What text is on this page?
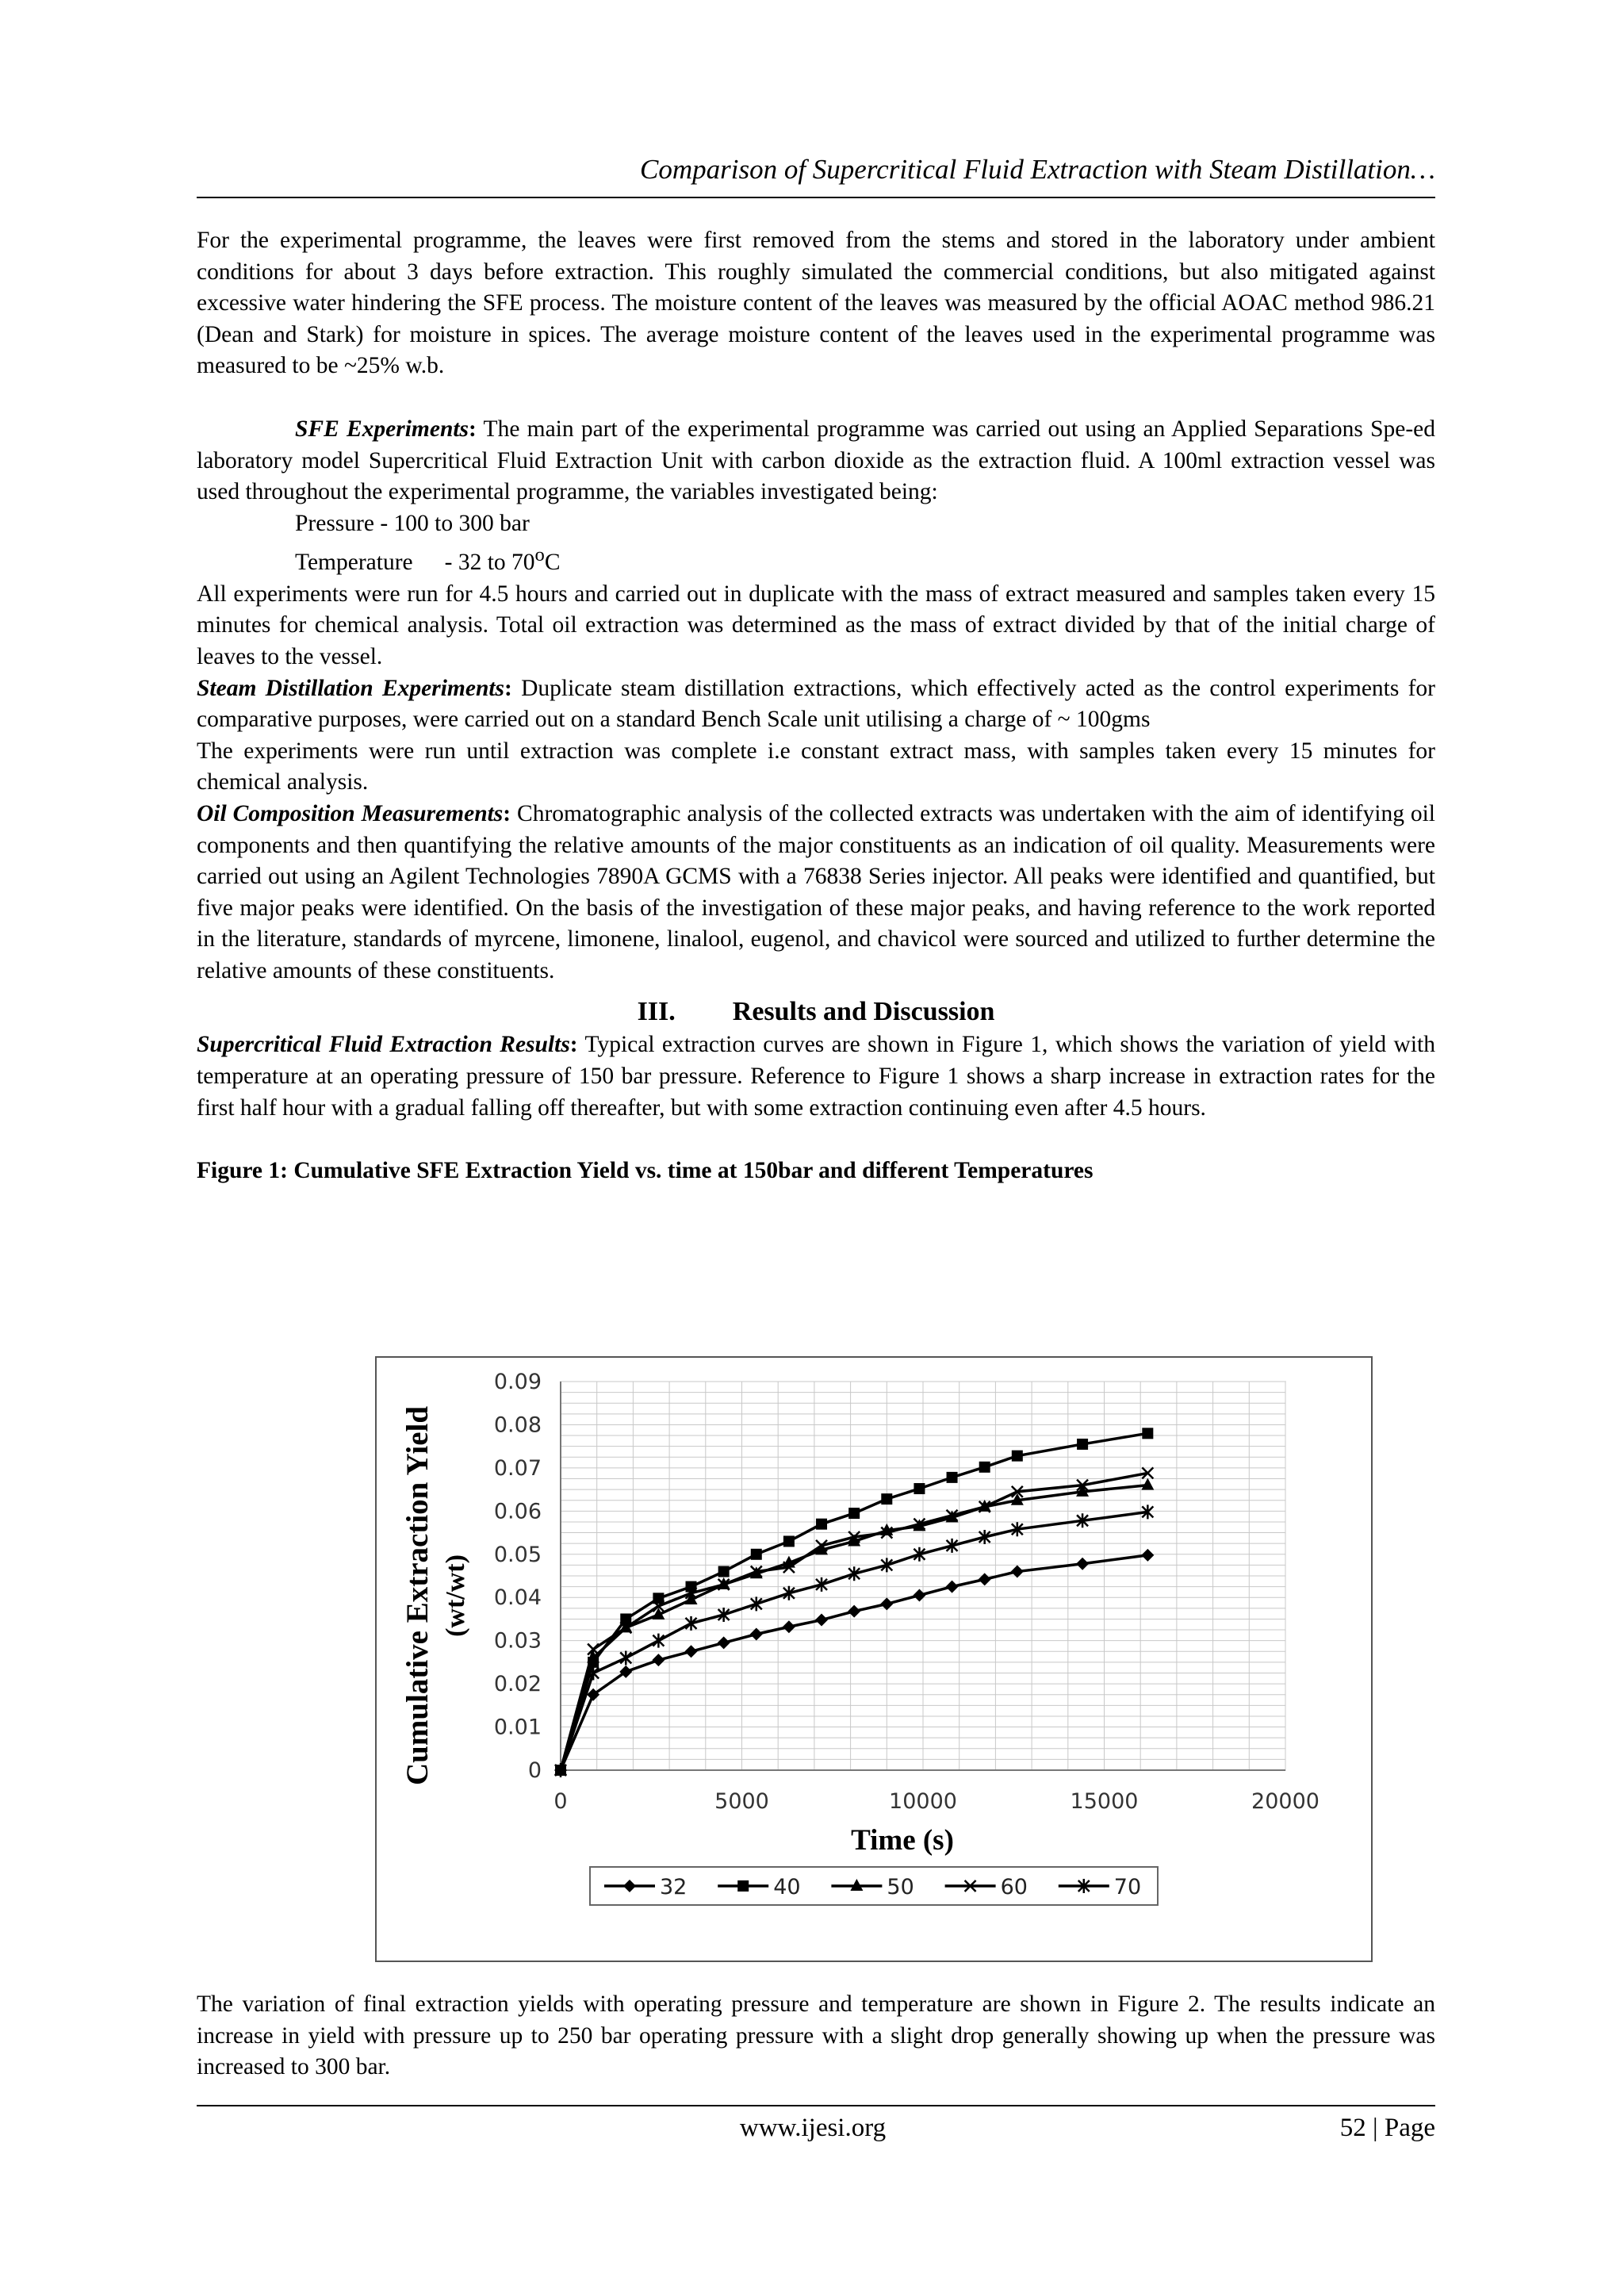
Comparison of Supercritical Fluid Extraction with Steam Distillation…

For the experimental programme, the leaves were first removed from the stems and stored in the laboratory under ambient conditions for about 3 days before extraction. This roughly simulated the commercial conditions, but also mitigated against excessive water hindering the SFE process. The moisture content of the leaves was measured by the official AOAC method 986.21 (Dean and Stark) for moisture in spices. The average moisture content of the leaves used in the experimental programme was measured to be ~25% w.b.

SFE Experiments: The main part of the experimental programme was carried out using an Applied Separations Spe-ed laboratory model Supercritical Fluid Extraction Unit with carbon dioxide as the extraction fluid. A 100ml extraction vessel was used throughout the experimental programme, the variables investigated being:

Pressure - 100 to 300 bar

Temperature - 32 to 70$^o$C

All experiments were run for 4.5 hours and carried out in duplicate with the mass of extract measured and samples taken every 15 minutes for chemical analysis. Total oil extraction was determined as the mass of extract divided by that of the initial charge of leaves to the vessel.

Steam Distillation Experiments: Duplicate steam distillation extractions, which effectively acted as the control experiments for comparative purposes, were carried out on a standard Bench Scale unit utilising a charge of ~ 100gms

The experiments were run until extraction was complete i.e constant extract mass, with samples taken every 15 minutes for chemical analysis.

Oil Composition Measurements: Chromatographic analysis of the collected extracts was undertaken with the aim of identifying oil components and then quantifying the relative amounts of the major constituents as an indication of oil quality. Measurements were carried out using an Agilent Technologies 7890A GCMS with a 76838 Series injector. All peaks were identified and quantified, but five major peaks were identified. On the basis of the investigation of these major peaks, and having reference to the work reported in the literature, standards of myrcene, limonene, linalool, eugenol, and chavicol were sourced and utilized to further determine the relative amounts of these constituents.

III. Results and Discussion

Supercritical Fluid Extraction Results: Typical extraction curves are shown in Figure 1, which shows the variation of yield with temperature at an operating pressure of 150 bar pressure. Reference to Figure 1 shows a sharp increase in extraction rates for the first half hour with a gradual falling off thereafter, but with some extraction continuing even after 4.5 hours.

Figure 1: Cumulative SFE Extraction Yield vs. time at 150bar and different Temperatures

0
0.01
0.02
0.03
0.04
0.05
0.06
0.07
0.08
0.09
0	5000	10000	15000	20000
Time (s)
Cumulative Extraction Yield (wt/wt)
32	40	50	60	70

The variation of final extraction yields with operating pressure and temperature are shown in Figure 2. The results indicate an increase in yield with pressure up to 250 bar operating pressure with a slight drop generally showing up when the pressure was increased to 300 bar.

www.ijesi.org	52 | Page
